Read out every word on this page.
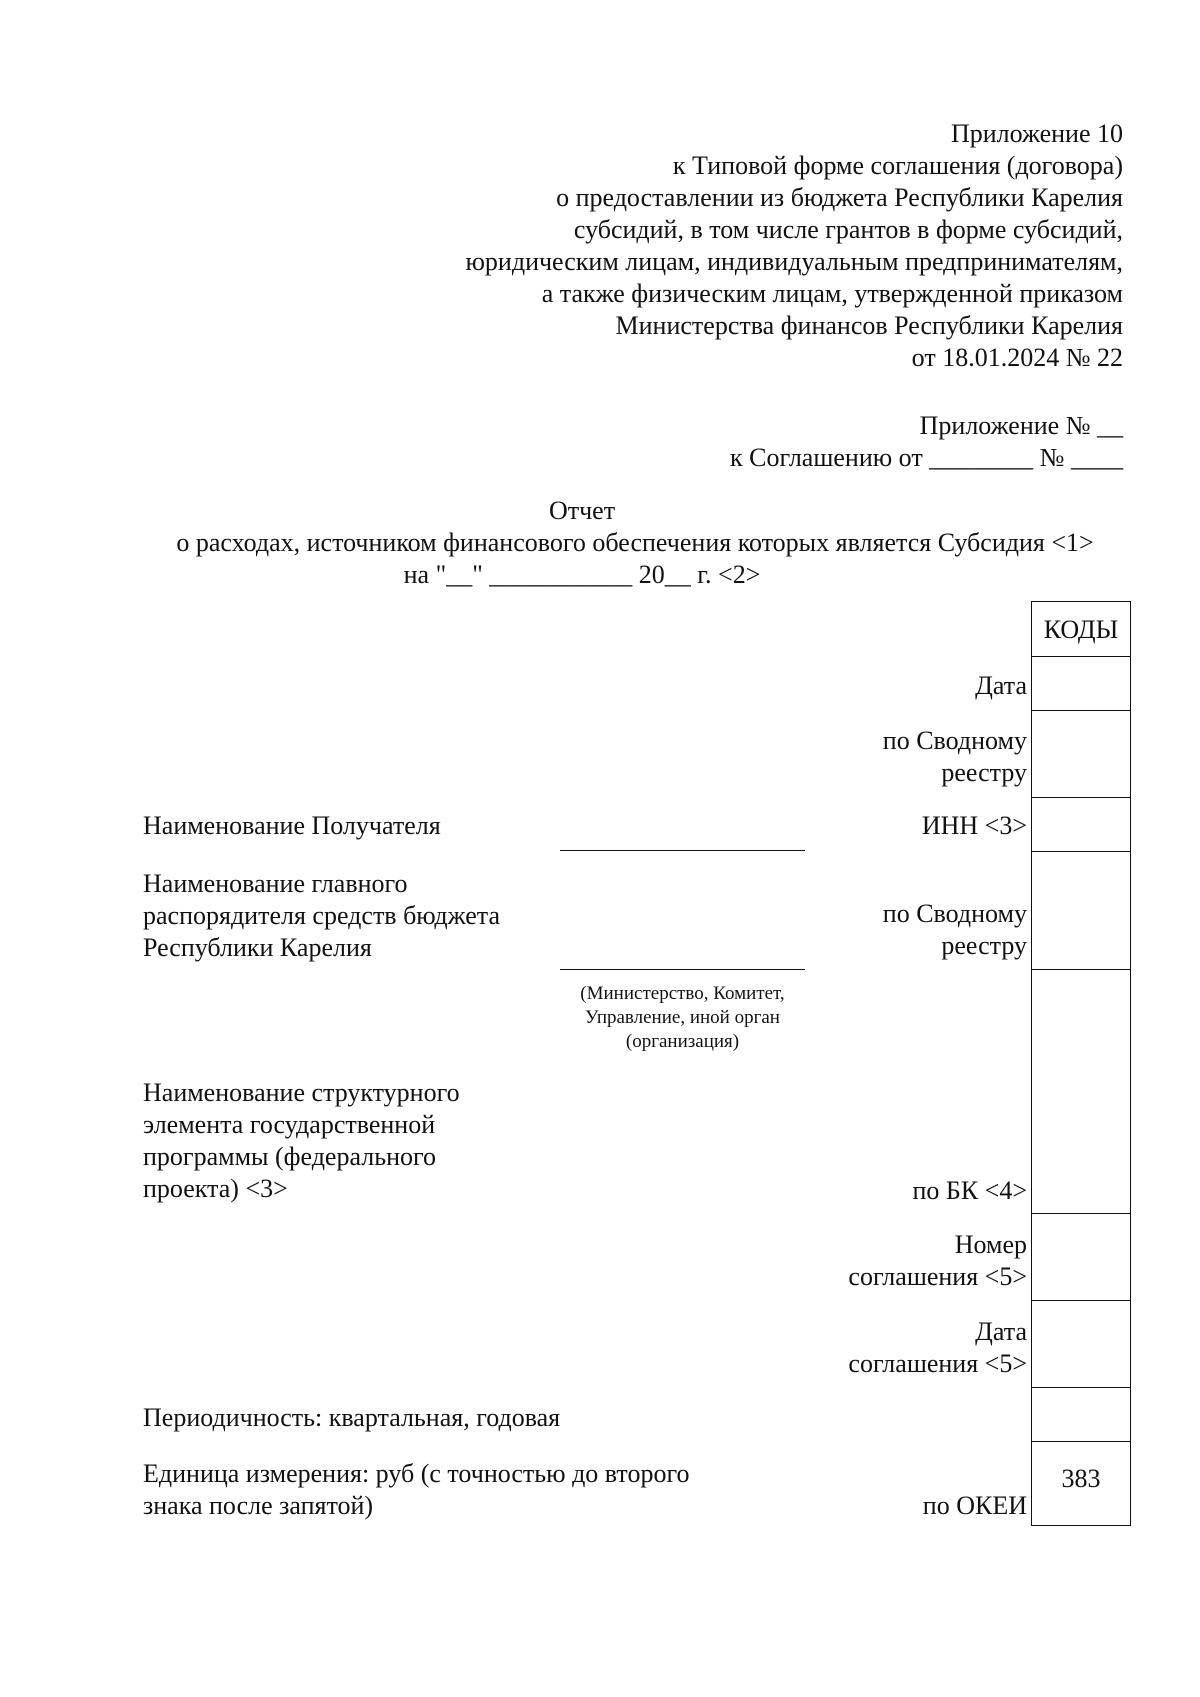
Приложение 10
к Типовой форме соглашения (договора)
о предоставлении из бюджета Республики Карелия
субсидий, в том числе грантов в форме субсидий,
юридическим лицам, индивидуальным предпринимателям,
а также физическим лицам, утвержденной приказом
Министерства финансов Республики Карелия
от 18.01.2024 № 22
Приложение № __
к Соглашению от ________ № ____
Отчет
о расходах, источником финансового обеспечения которых является Субсидия <1>
на "__" ___________ 20__ г. <2>
Наименование Получателя
Наименование главного
распорядителя средств бюджета
Республики Карелия
(Министерство, Комитет,
Управление, иной орган
(организация)
Наименование структурного
элемента государственной
программы (федерального
проекта) <3>
Периодичность: квартальная, годовая
Единица измерения: руб (с точностью до второго
знака после запятой)
Дата
по Сводному
реестру
ИНН <3>
по Сводному
реестру
по БК <4>
Номер
соглашения <5>
Дата
соглашения <5>
по ОКЕИ
КОДЫ
383
